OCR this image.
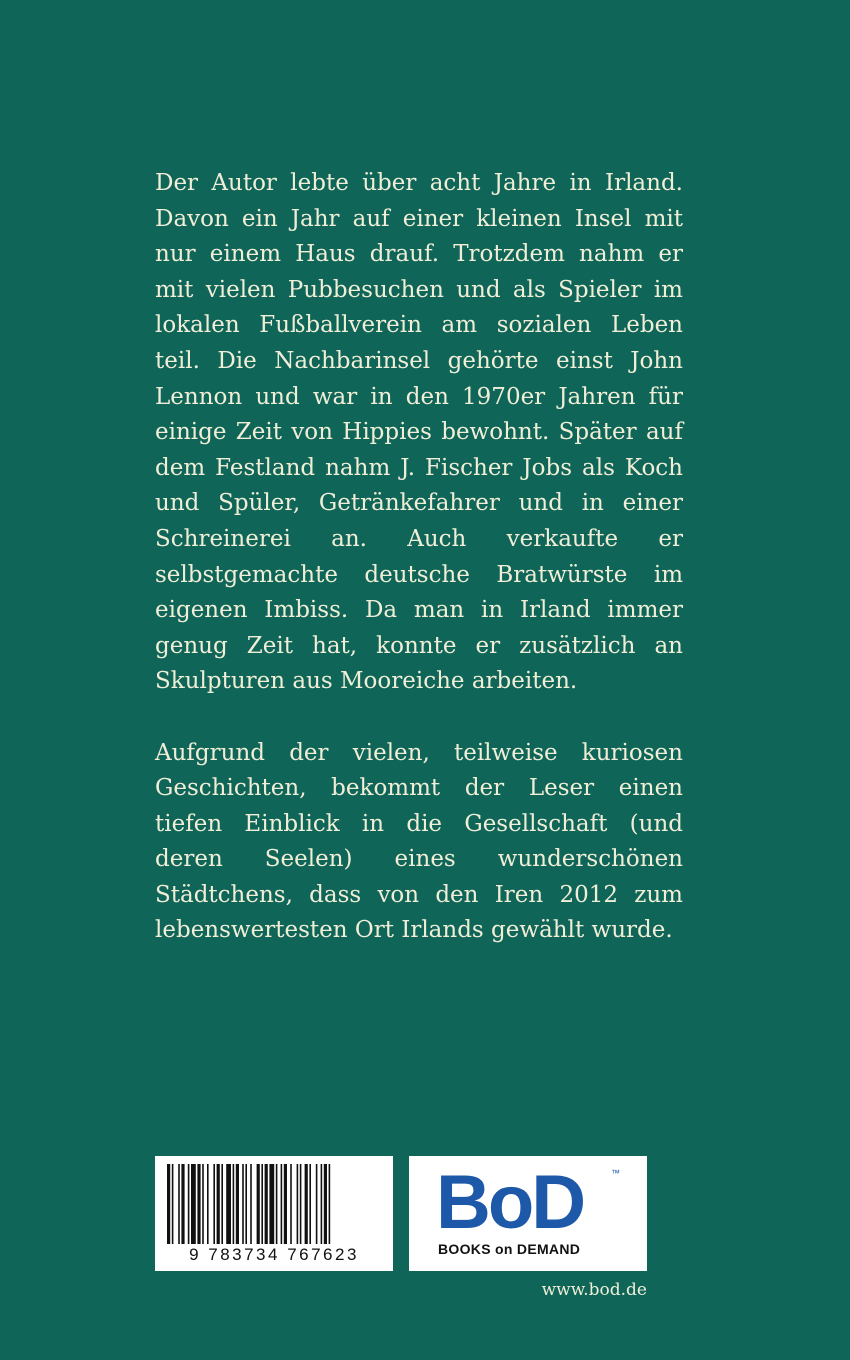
Der Autor lebte über acht Jahre in Irland. Davon ein Jahr auf einer kleinen Insel mit nur einem Haus drauf. Trotzdem nahm er mit vielen Pubbesuchen und als Spieler im lokalen Fußballverein am sozialen Leben teil. Die Nachbarinsel gehörte einst John Lennon und war in den 1970er Jahren für einige Zeit von Hippies bewohnt. Später auf dem Festland nahm J. Fischer Jobs als Koch und Spüler, Getränkefahrer und in einer Schreinerei an. Auch verkaufte er selbstgemachte deutsche Bratwürste im eigenen Imbiss. Da man in Irland immer genug Zeit hat, konnte er zusätzlich an Skulpturen aus Mooreiche arbeiten.

Aufgrund der vielen, teilweise kuriosen Geschichten, bekommt der Leser einen tiefen Einblick in die Gesellschaft (und deren Seelen) eines wunderschönen Städtchens, dass von den Iren 2012 zum lebenswertesten Ort Irlands gewählt wurde.

9 783734 767623
BoD	™
BOOKS on DEMAND
www.bod.de
